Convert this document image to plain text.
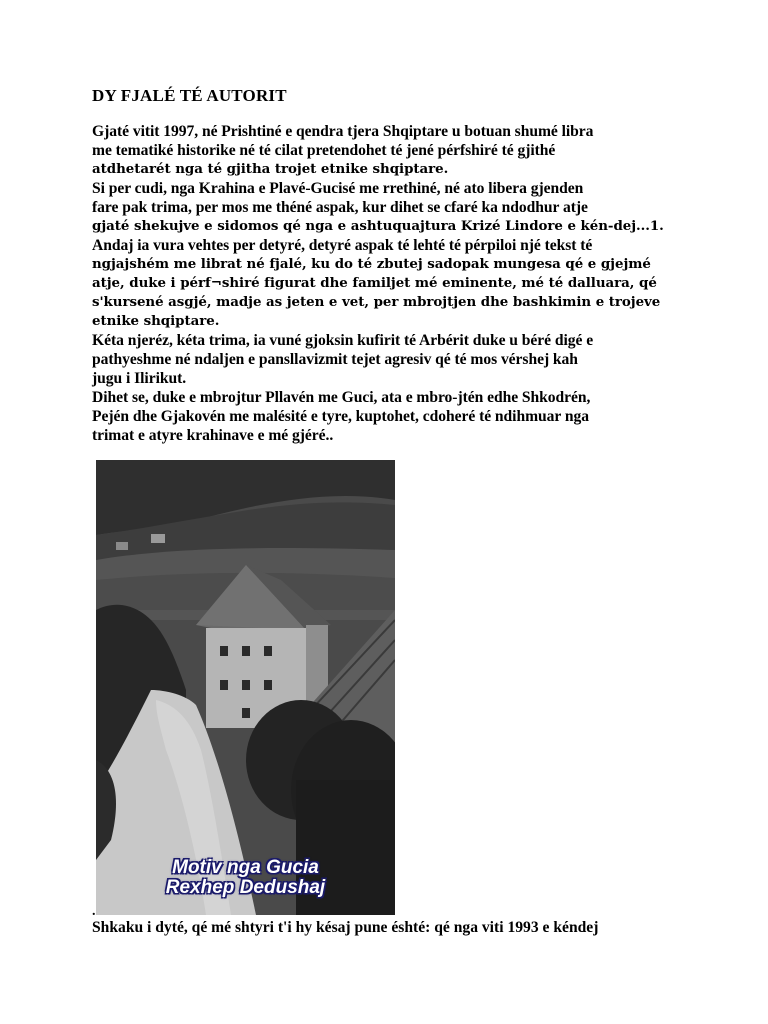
DY FJALÉ TÉ AUTORIT
Gjaté vitit 1997, né Prishtiné e qendra tjera Shqiptare u botuan shumé libra
me tematiké historike né té cilat pretendohet té jené pérfshiré té gjithé
atdhetarét nga té gjitha trojet etnike shqiptare.
Si per cudi, nga Krahina e Plavé-Gucisé me rrethiné, né ato libera gjenden
fare pak trima, per mos me théné aspak, kur dihet se cfaré ka ndodhur atje
gjaté shekujve e sidomos qé nga e ashtuquajtura Krizé Lindore e kén-dej...1.
Andaj ia vura vehtes per detyré, detyré aspak té lehté té pérpiloi njé tekst té
ngjajshém me librat né fjalé, ku do té zbutej sadopak mungesa qé e gjejmé
atje, duke i pérf¬shiré figurat dhe familjet mé eminente, mé té dalluara, qé
s'kursené asgjé, madje as jeten e vet, per mbrojtjen dhe bashkimin e trojeve
etnike shqiptare.
Kéta njeréz, kéta trima, ia vuné gjoksin kufirit té Arbérit duke u béré digé e
pathyeshme né ndaljen e pansllavizmit tejet agresiv qé té mos vérshej kah
jugu i Ilirikut.
Dihet se, duke e mbrojtur Pllavén me Guci, ata e mbro-jtén edhe Shkodrén,
Pején dhe Gjakovén me malésité e tyre, kuptohet, cdoheré té ndihmuar nga
trimat e atyre krahinave e mé gjéré..
Motiv nga Gucia
Rexhep Dedushaj
.
Shkaku i dyté, qé mé shtyri t'i hy késaj pune éshté: qé nga viti 1993 e kéndej
